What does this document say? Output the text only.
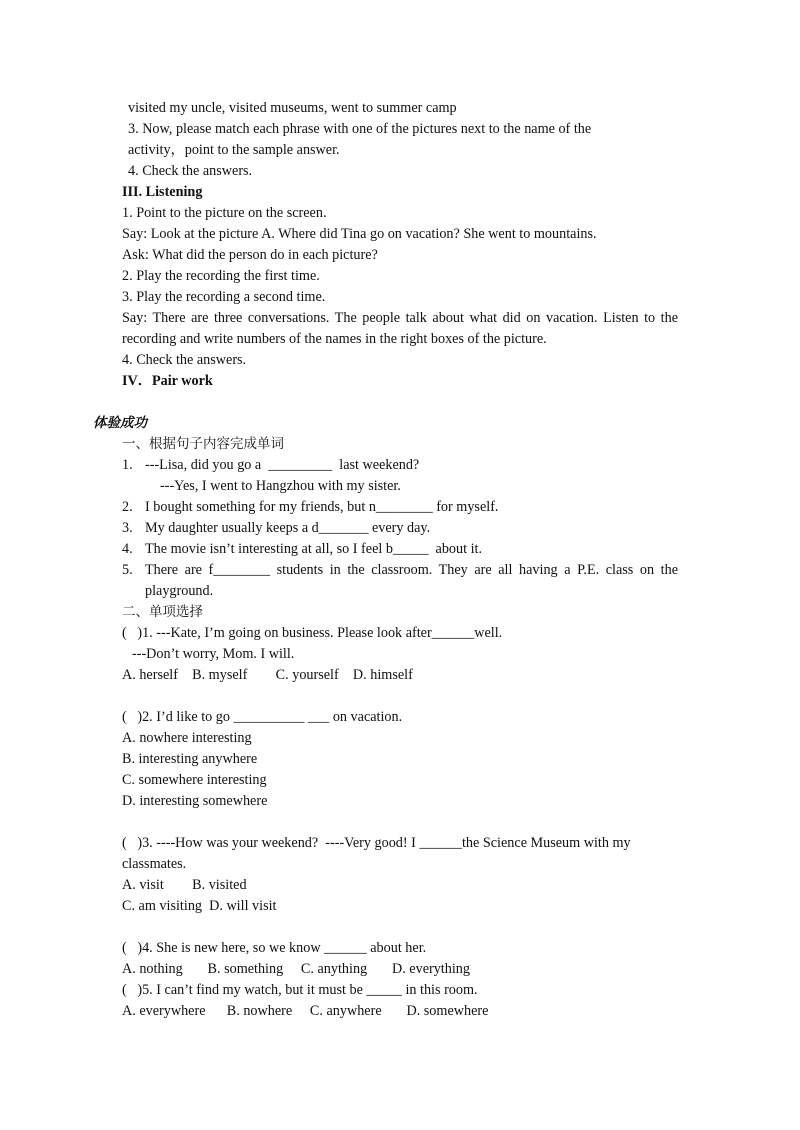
visited my uncle, visited museums, went to summer camp
3. Now, please match each phrase with one of the pictures next to the name of the
activity，point to the sample answer.
4. Check the answers.
III. Listening
1. Point to the picture on the screen.
Say: Look at the picture A. Where did Tina go on vacation? She went to mountains.
Ask: What did the person do in each picture?
2. Play the recording the first time.
3. Play the recording a second time.
Say: There are three conversations. The people talk about what did on vacation. Listen to the
recording and write numbers of the names in the right boxes of the picture.
4. Check the answers.
IV．Pair work
体验成功
一、根据句子内容完成单词
1. ---Lisa, did you go a  _________  last weekend?
---Yes, I went to Hangzhou with my sister.
2. I bought something for my friends, but n________ for myself.
3. My daughter usually keeps a d_______ every day.
4. The movie isn’t interesting at all, so I feel b_____  about it.
5. There are f________ students in the classroom. They are all having a P.E. class on the
playground.
二、单项选择
(   )1. ---Kate, I’m going on business. Please look after______well.
---Don’t worry, Mom. I will.
A. herself    B. myself        C. yourself    D. himself
(   )2. I’d like to go __________ ___ on vacation.
A. nowhere interesting
B. interesting anywhere
C. somewhere interesting
D. interesting somewhere
(   )3. ----How was your weekend?  ----Very good! I ______the Science Museum with my
classmates.
A. visit        B. visited
C. am visiting  D. will visit
(   )4. She is new here, so we know ______ about her.
A. nothing       B. something     C. anything       D. everything
(   )5. I can’t find my watch, but it must be _____ in this room.
A. everywhere      B. nowhere     C. anywhere       D. somewhere
